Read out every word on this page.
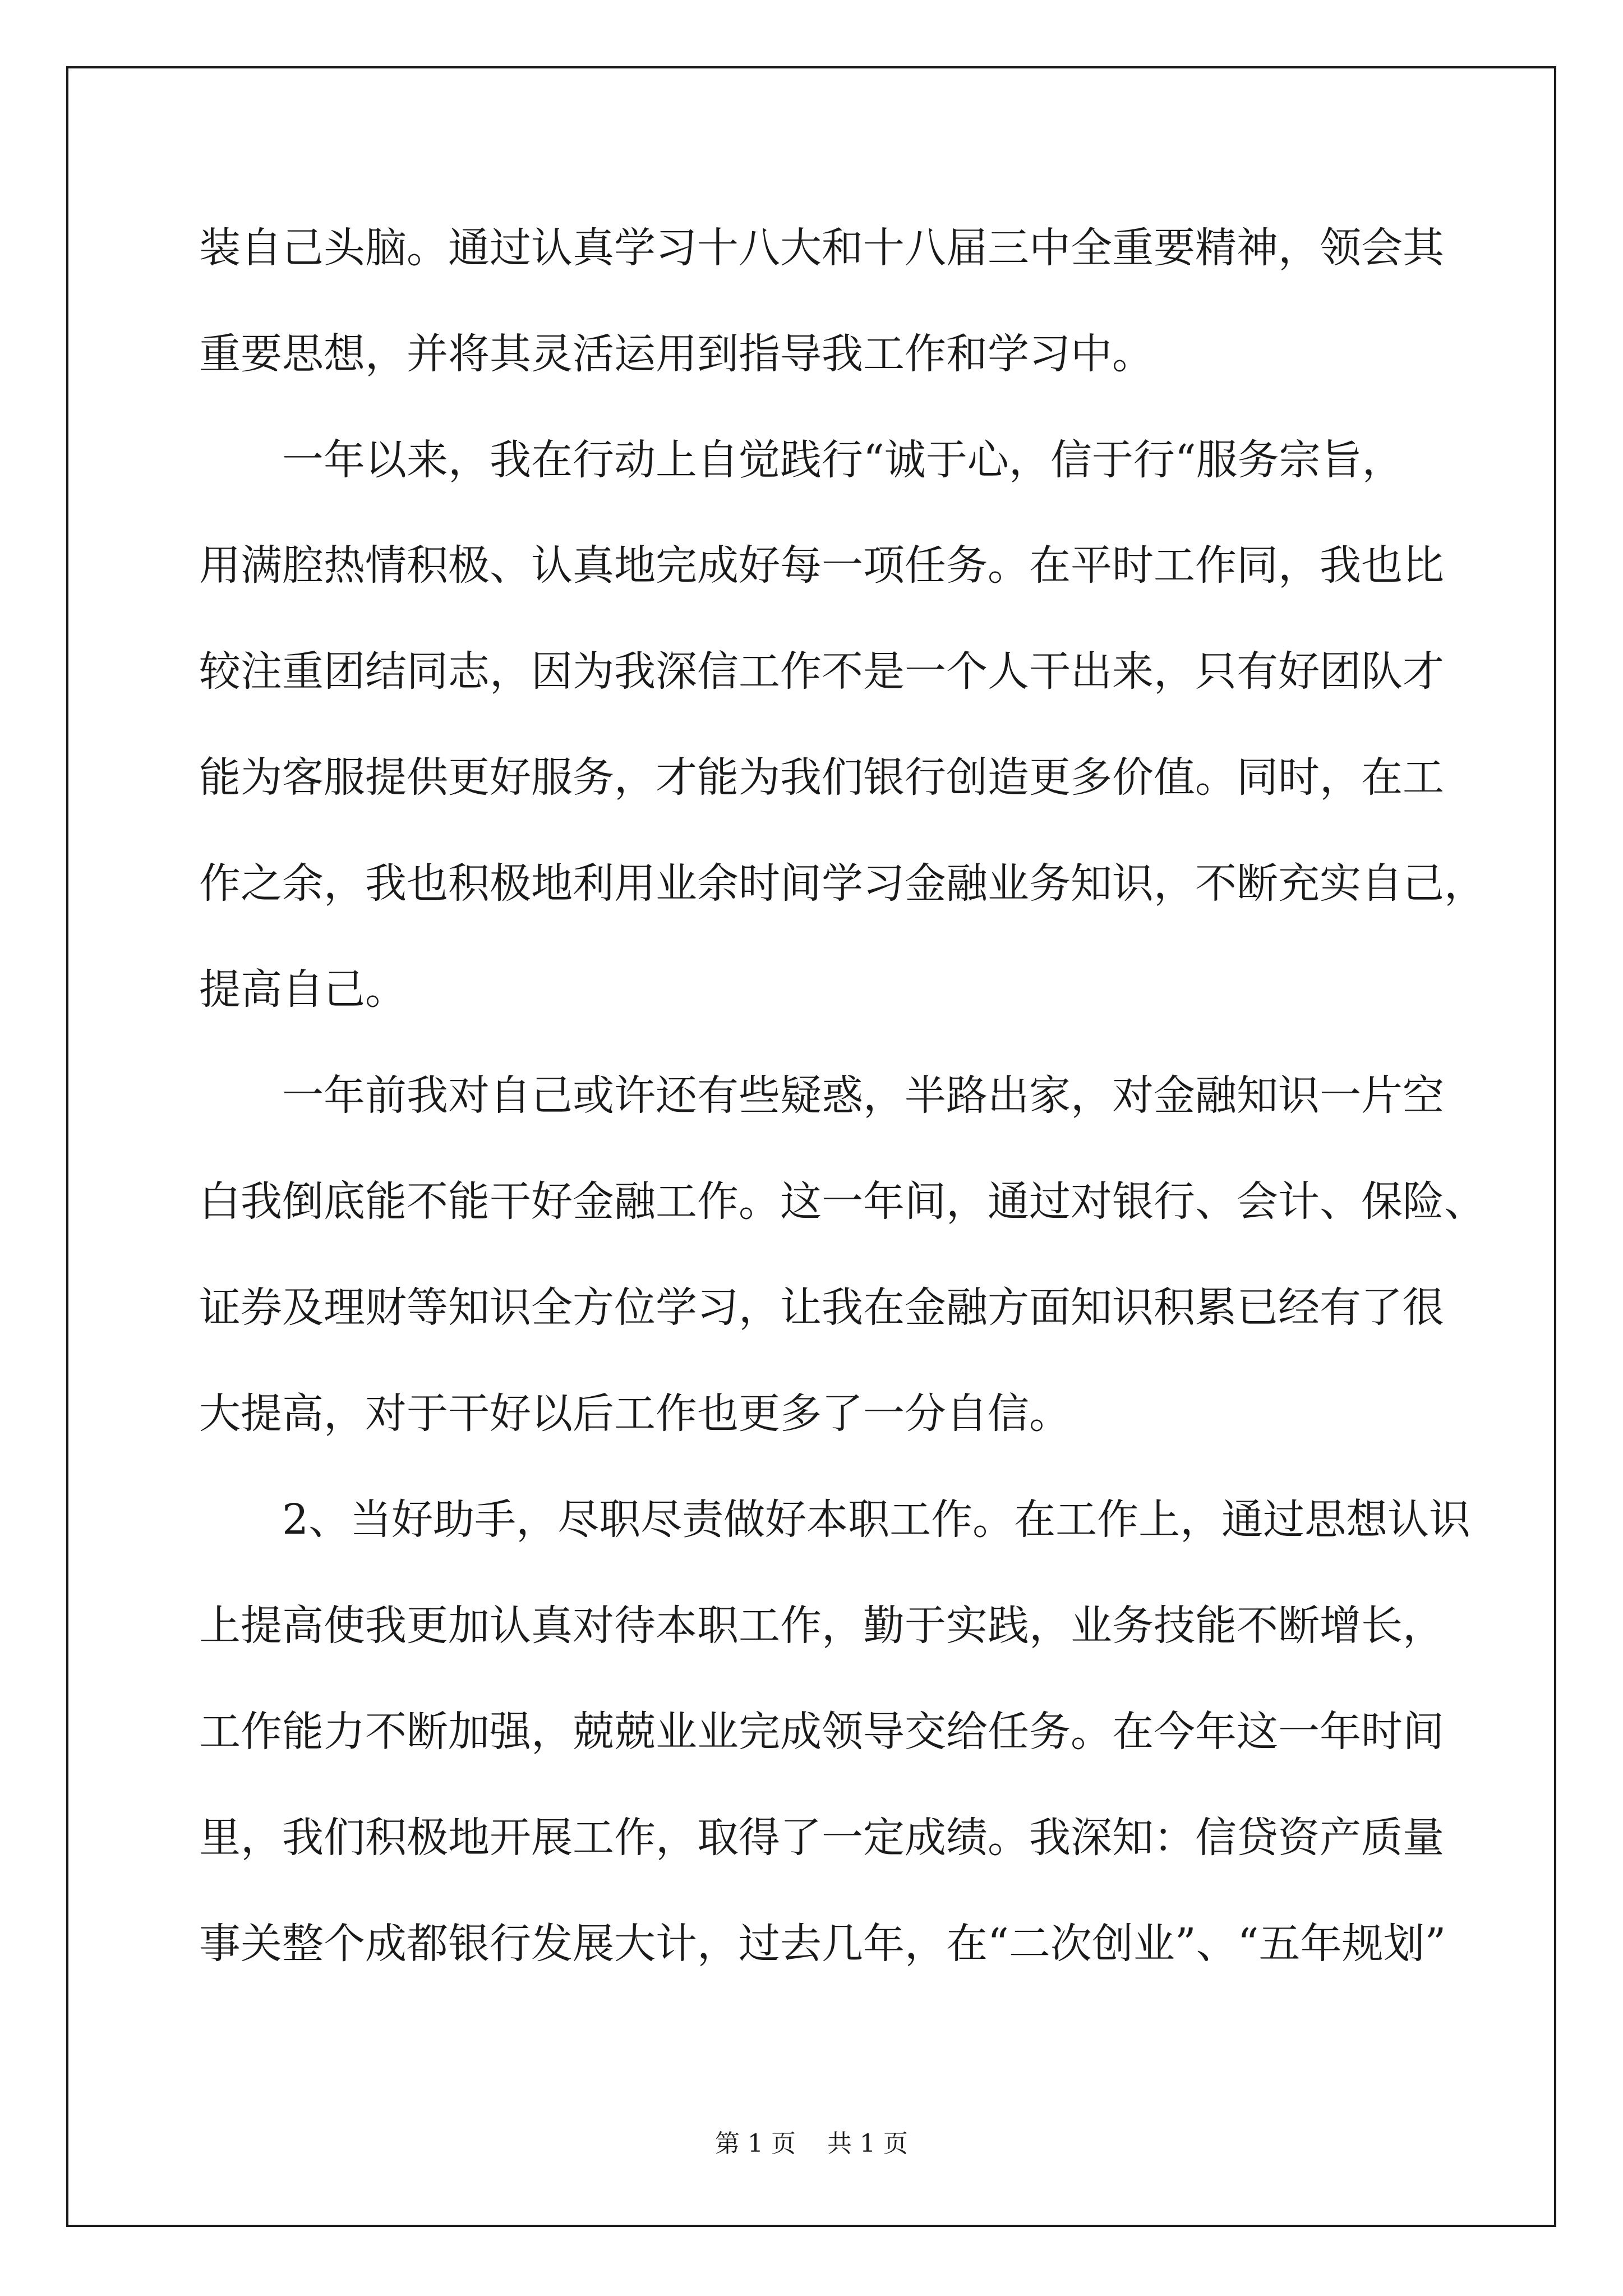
装自己头脑。通过认真学习十八大和十八届三中全重要精神，领会其
重要思想，并将其灵活运用到指导我工作和学习中。
　　一年以来，我在行动上自觉践行“诚于心，信于行“服务宗旨，
用满腔热情积极、认真地完成好每一项任务。在平时工作同，我也比
较注重团结同志，因为我深信工作不是一个人干出来，只有好团队才
能为客服提供更好服务，才能为我们银行创造更多价值。同时，在工
作之余，我也积极地利用业余时间学习金融业务知识，不断充实自己，
提高自己。
　　一年前我对自己或许还有些疑惑，半路出家，对金融知识一片空
白我倒底能不能干好金融工作。这一年间，通过对银行、会计、保险、
证券及理财等知识全方位学习，让我在金融方面知识积累已经有了很
大提高，对于干好以后工作也更多了一分自信。
　　2、当好助手，尽职尽责做好本职工作。在工作上，通过思想认识
上提高使我更加认真对待本职工作，勤于实践，业务技能不断增长，
工作能力不断加强，兢兢业业完成领导交给任务。在今年这一年时间
里，我们积极地开展工作，取得了一定成绩。我深知：信贷资产质量
事关整个成都银行发展大计，过去几年，在“二次创业”、“五年规划”
第 1 页    共 1 页
